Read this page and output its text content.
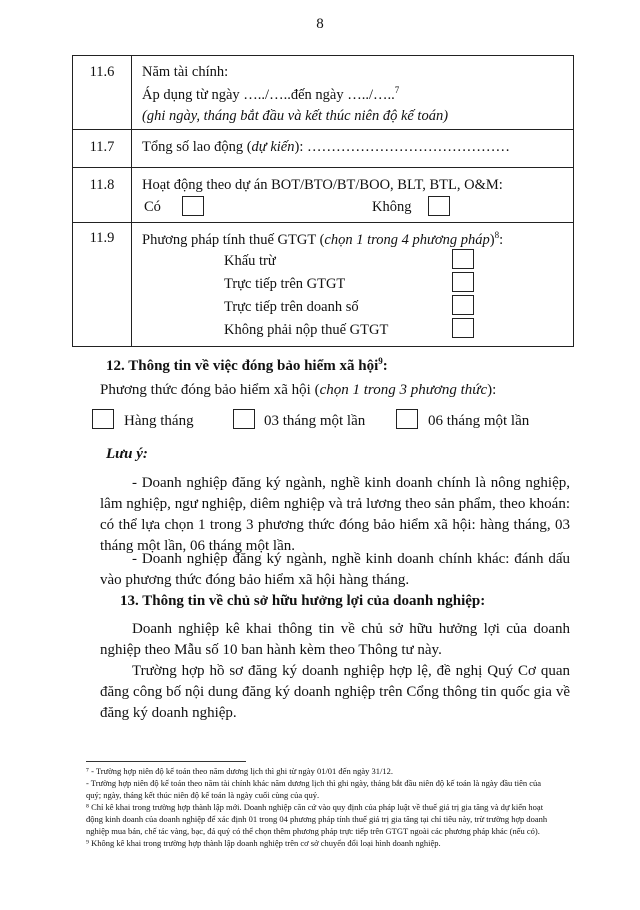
8
11.6	Năm tài chính:
Áp dụng từ ngày …../…..đến ngày …../…..$^7$
(ghi ngày, tháng bắt đầu và kết thúc niên độ kế toán)

11.7	Tổng số lao động (dự kiến): ……………………………………

11.8	Hoạt động theo dự án BOT/BTO/BT/BOO, BLT, BTL, O&M:
Có Không

11.9	Phương pháp tính thuế GTGT (chọn 1 trong 4 phương pháp)$^8$:
Khấu trừ
Trực tiếp trên GTGT
Trực tiếp trên doanh số
Không phải nộp thuế GTGT
12. Thông tin về việc đóng bảo hiểm xã hội$^9$:
Phương thức đóng bảo hiểm xã hội (chọn 1 trong 3 phương thức):
Hàng tháng	03 tháng một lần	06 tháng một lần
Lưu ý:
- Doanh nghiệp đăng ký ngành, nghề kinh doanh chính là nông nghiệp, lâm nghiệp, ngư nghiệp, diêm nghiệp và trả lương theo sản phẩm, theo khoán: có thể lựa chọn 1 trong 3 phương thức đóng bảo hiểm xã hội: hàng tháng, 03 tháng một lần, 06 tháng một lần.
- Doanh nghiệp đăng ký ngành, nghề kinh doanh chính khác: đánh dấu vào phương thức đóng bảo hiểm xã hội hàng tháng.
13. Thông tin về chủ sở hữu hưởng lợi của doanh nghiệp:
Doanh nghiệp kê khai thông tin về chủ sở hữu hưởng lợi của doanh nghiệp theo Mẫu số 10 ban hành kèm theo Thông tư này.
Trường hợp hồ sơ đăng ký doanh nghiệp hợp lệ, đề nghị Quý Cơ quan đăng công bố nội dung đăng ký doanh nghiệp trên Cổng thông tin quốc gia về đăng ký doanh nghiệp.
⁷ - Trường hợp niên độ kế toán theo năm dương lịch thì ghi từ ngày 01/01 đến ngày 31/12.
- Trường hợp niên độ kế toán theo năm tài chính khác năm dương lịch thì ghi ngày, tháng bắt đầu niên độ kế toán là ngày đầu tiên của
quý; ngày, tháng kết thúc niên độ kế toán là ngày cuối cùng của quý.
⁸ Chỉ kê khai trong trường hợp thành lập mới. Doanh nghiệp căn cứ vào quy định của pháp luật về thuế giá trị gia tăng và dự kiến hoạt
động kinh doanh của doanh nghiệp để xác định 01 trong 04 phương pháp tính thuế giá trị gia tăng tại chỉ tiêu này, trừ trường hợp doanh
nghiệp mua bán, chế tác vàng, bạc, đá quý có thể chọn thêm phương pháp trực tiếp trên GTGT ngoài các phương pháp khác (nếu có).
⁹ Không kê khai trong trường hợp thành lập doanh nghiệp trên cơ sở chuyển đổi loại hình doanh nghiệp.
